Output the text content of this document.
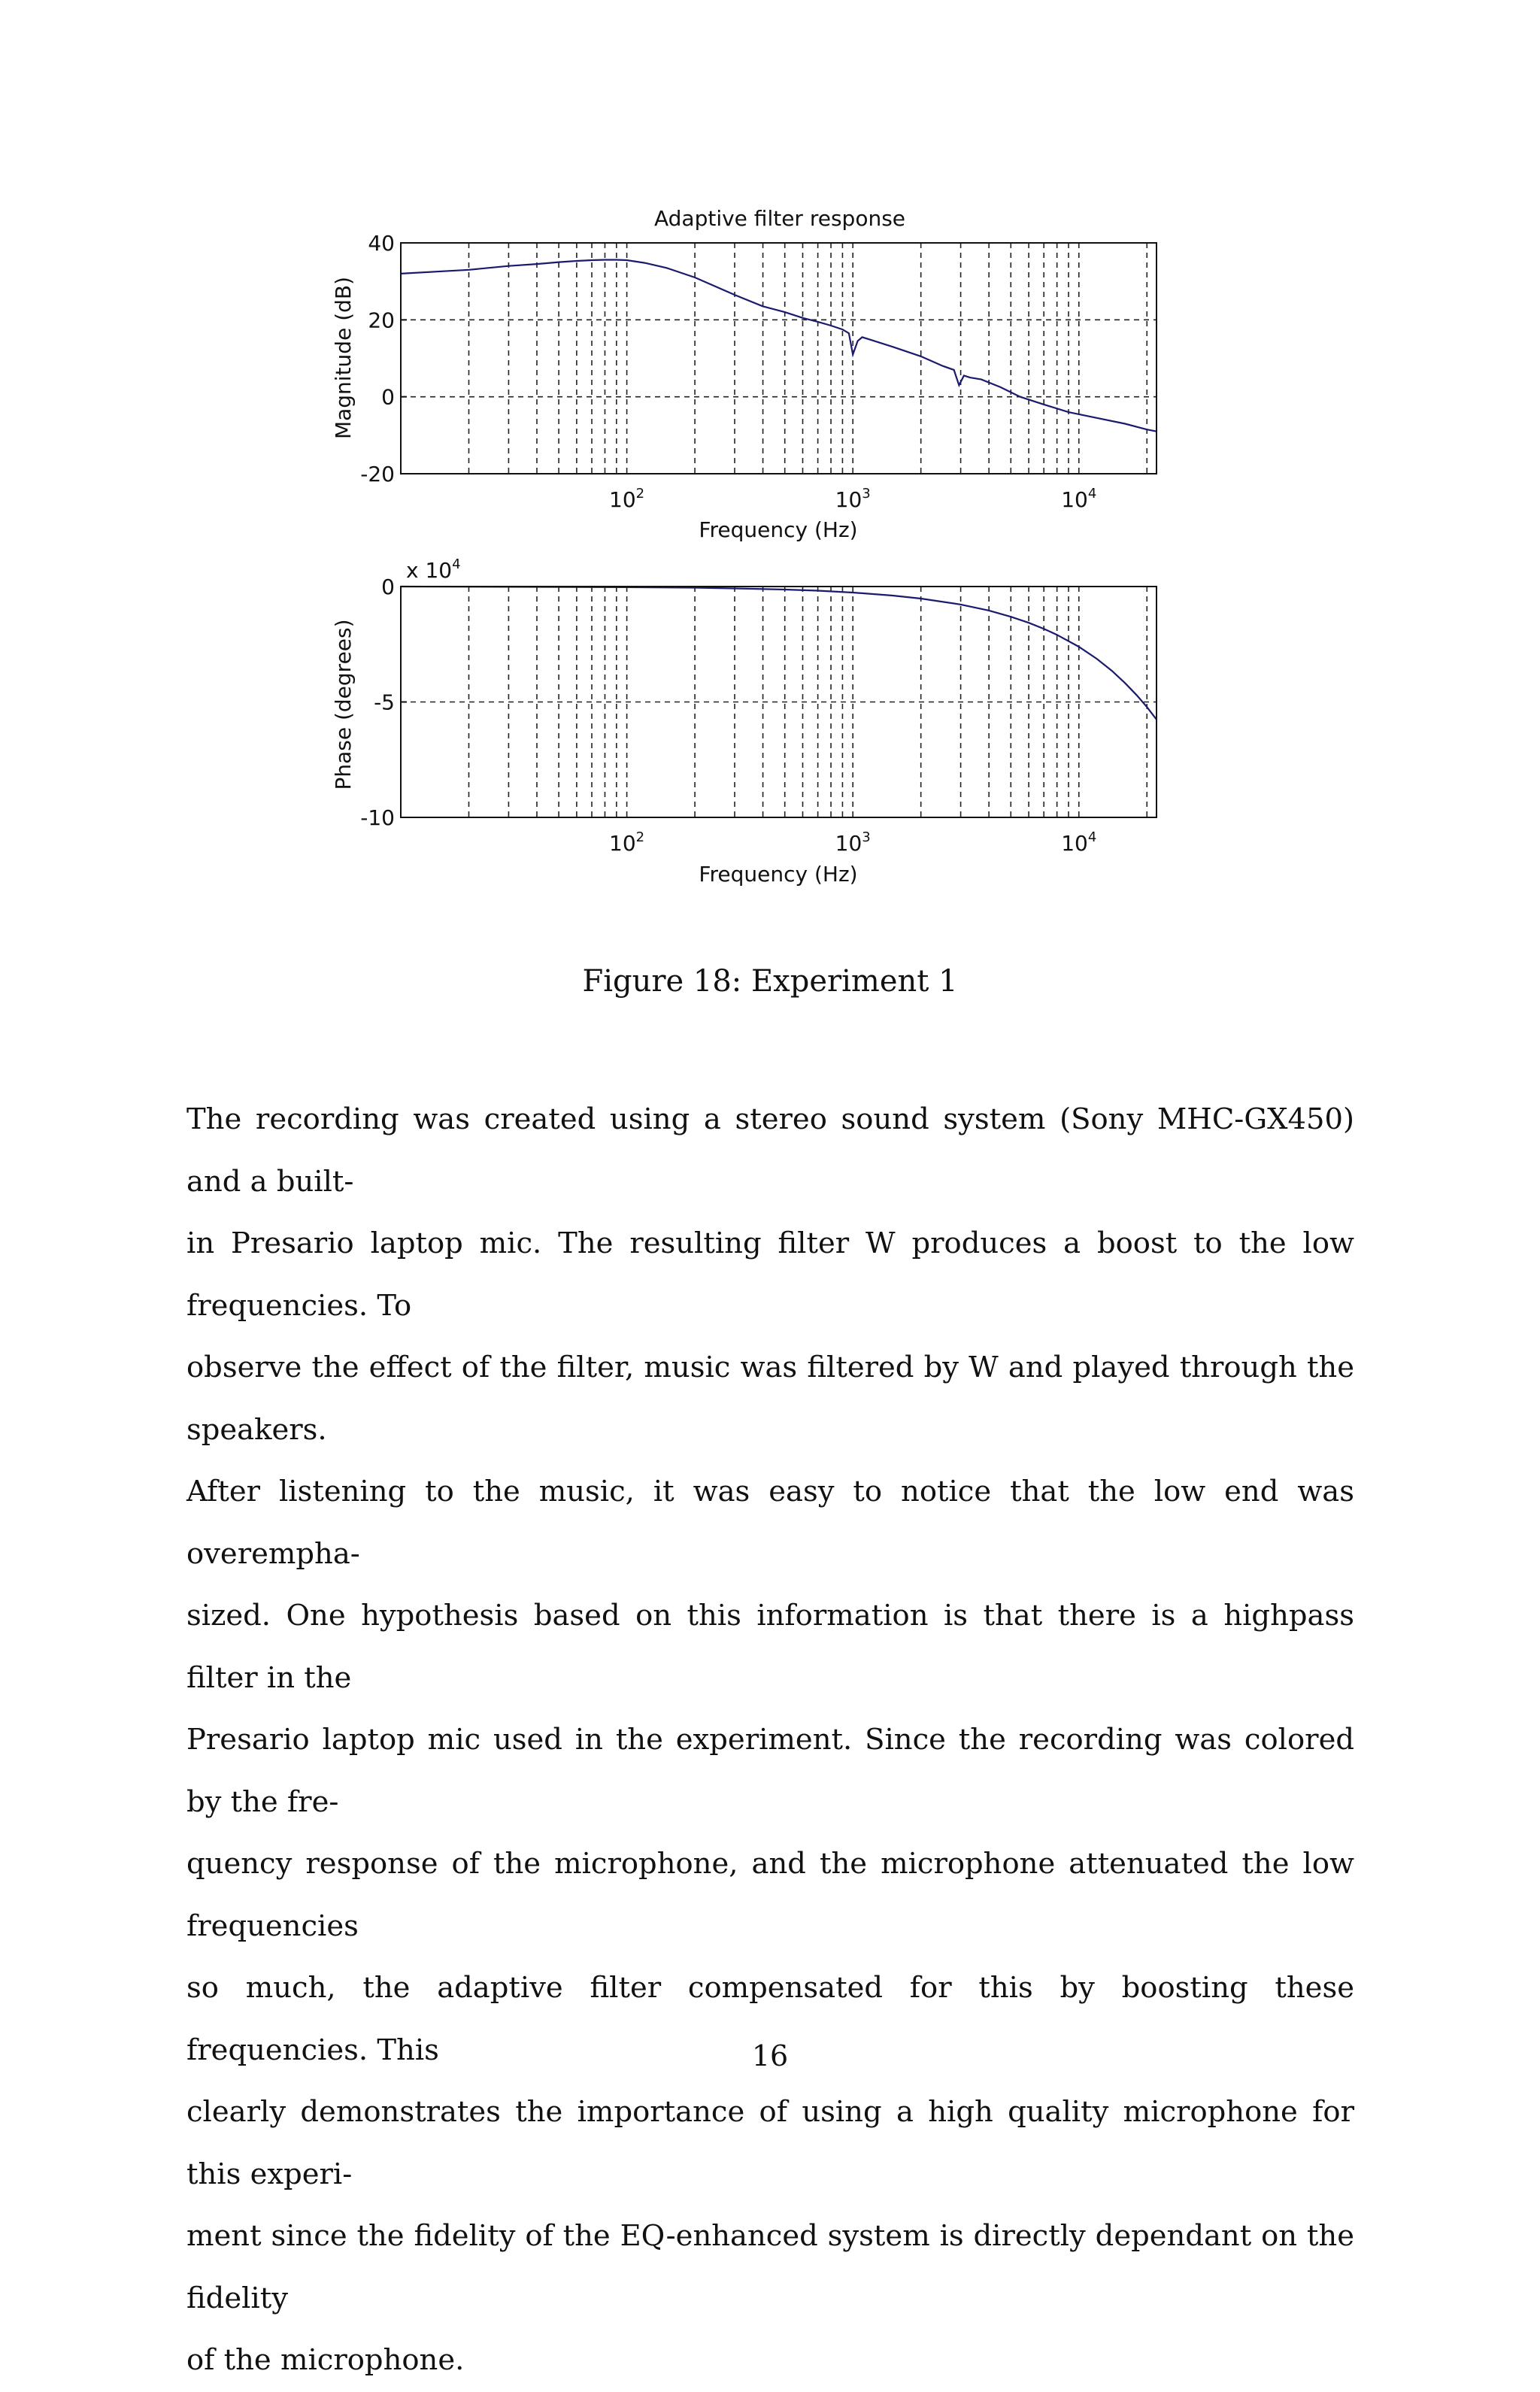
Adaptive filter response
40
20
0
-20
$10^2$	$10^3$	$10^4$
Frequency (Hz)
Magnitude (dB)
x $10^4$
0
-5
-10
$10^2$	$10^3$	$10^4$
Frequency (Hz)
Phase (degrees)
Figure 18: Experiment 1
The recording was created using a stereo sound system (Sony MHC-GX450) and a built-
in Presario laptop mic. The resulting filter W produces a boost to the low frequencies. To
observe the effect of the filter, music was filtered by W and played through the speakers.
After listening to the music, it was easy to notice that the low end was overempha-
sized. One hypothesis based on this information is that there is a highpass filter in the
Presario laptop mic used in the experiment. Since the recording was colored by the fre-
quency response of the microphone, and the microphone attenuated the low frequencies
so much, the adaptive filter compensated for this by boosting these frequencies. This
clearly demonstrates the importance of using a high quality microphone for this experi-
ment since the fidelity of the EQ-enhanced system is directly dependant on the fidelity
of the microphone.
16
